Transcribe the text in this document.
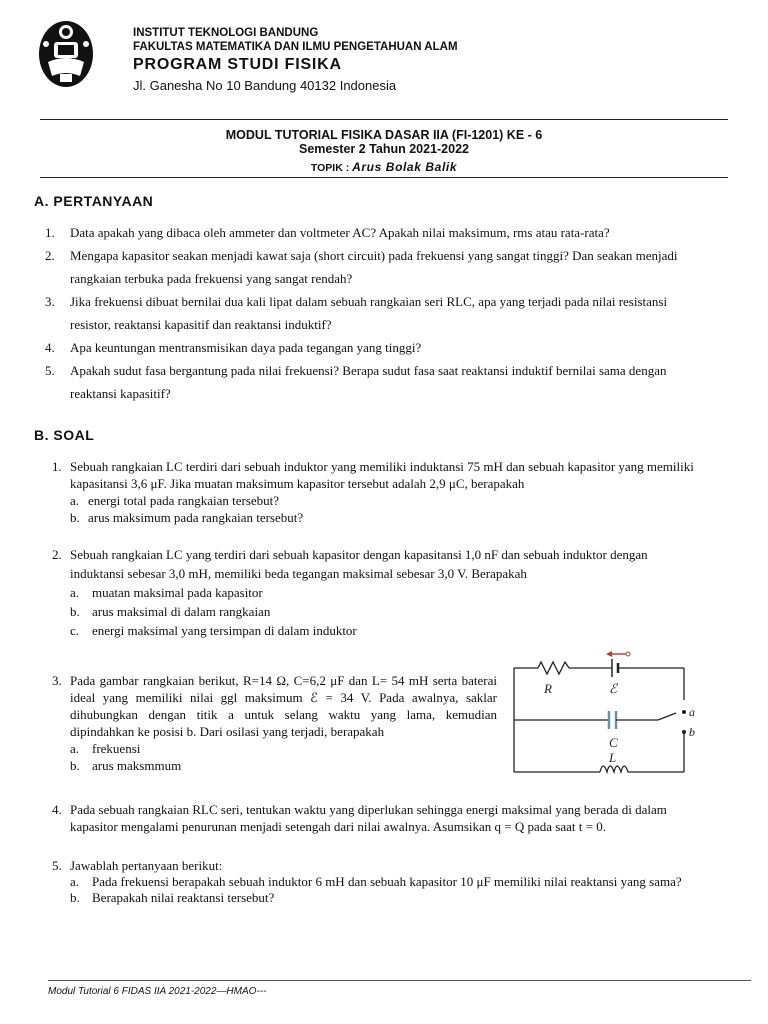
INSTITUT TEKNOLOGI BANDUNG
FAKULTAS MATEMATIKA DAN ILMU PENGETAHUAN ALAM
PROGRAM STUDI FISIKA
Jl. Ganesha No 10 Bandung 40132 Indonesia
MODUL TUTORIAL FISIKA DASAR IIA (FI-1201) KE - 6
Semester 2 Tahun 2021-2022
TOPIK : Arus Bolak Balik
A. PERTANYAAN
1. Data apakah yang dibaca oleh ammeter dan voltmeter AC? Apakah nilai maksimum, rms atau rata-rata?
2. Mengapa kapasitor seakan menjadi kawat saja (short circuit) pada frekuensi yang sangat tinggi? Dan seakan menjadi rangkaian terbuka pada frekuensi yang sangat rendah?
3. Jika frekuensi dibuat bernilai dua kali lipat dalam sebuah rangkaian seri RLC, apa yang terjadi pada nilai resistansi resistor, reaktansi kapasitif dan reaktansi induktif?
4. Apa keuntungan mentransmisikan daya pada tegangan yang tinggi?
5. Apakah sudut fasa bergantung pada nilai frekuensi? Berapa sudut fasa saat reaktansi induktif bernilai sama dengan reaktansi kapasitif?
B. SOAL
1. Sebuah rangkaian LC terdiri dari sebuah induktor yang memiliki induktansi 75 mH dan sebuah kapasitor yang memiliki kapasitansi 3,6 μF. Jika muatan maksimum kapasitor tersebut adalah 2,9 μC, berapakah
a. energi total pada rangkaian tersebut?
b. arus maksimum pada rangkaian tersebut?
2. Sebuah rangkaian LC yang terdiri dari sebuah kapasitor dengan kapasitansi 1,0 nF dan sebuah induktor dengan induktansi sebesar 3,0 mH, memiliki beda tegangan maksimal sebesar 3,0 V. Berapakah
a. muatan maksimal pada kapasitor
b. arus maksimal di dalam rangkaian
c. energi maksimal yang tersimpan di dalam induktor
3. Pada gambar rangkaian berikut, R=14 Ω, C=6,2 μF dan L= 54 mH serta baterai ideal yang memiliki nilai ggl maksimum ℰ = 34 V. Pada awalnya, saklar dihubungkan dengan titik a untuk selang waktu yang lama, kemudian dipindahkan ke posisi b. Dari osilasi yang terjadi, berapakah
a. frekuensi
b. arus maksmmum
R	ℰ
a
b
C
L
4. Pada sebuah rangkaian RLC seri, tentukan waktu yang diperlukan sehingga energi maksimal yang berada di dalam kapasitor mengalami penurunan menjadi setengah dari nilai awalnya. Asumsikan q = Q pada saat t = 0.
5. Jawablah pertanyaan berikut:
a. Pada frekuensi berapakah sebuah induktor 6 mH dan sebuah kapasitor 10 μF memiliki nilai reaktansi yang sama?
b. Berapakah nilai reaktansi tersebut?
Modul Tutorial 6 FIDAS IIA 2021-2022—HMAO---
